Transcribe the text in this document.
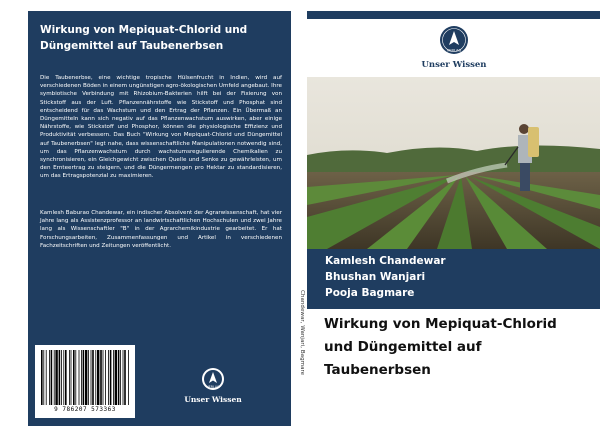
Wirkung von Mepiquat-Chlorid und
Düngemittel auf Taubenerbsen
Die Taubenerbse, eine wichtige tropische Hülsenfrucht in Indien, wird auf verschiedenen Böden in einem ungünstigen agro-ökologischen Umfeld angebaut. Ihre symbiotische Verbindung mit Rhizobium-Bakterien hilft bei der Fixierung von Stickstoff aus der Luft. Pflanzennährstoffe wie Stickstoff und Phosphat sind entscheidend für das Wachstum und den Ertrag der Pflanzen. Ein Übermaß an Düngemitteln kann sich negativ auf das Pflanzenwachstum auswirken, aber einige Nährstoffe, wie Stickstoff und Phosphor, können die physiologische Effizienz und Produktivität verbessern. Das Buch "Wirkung von Mepiquat-Chlorid und Düngemittel auf Taubenerbsen" legt nahe, dass wissenschaftliche Manipulationen notwendig sind, um das Pflanzenwachstum durch wachstumsregulierende Chemikalien zu synchronisieren, ein Gleichgewicht zwischen Quelle und Senke zu gewährleisten, um den Ernteertrag zu steigern, und die Düngermengen pro Hektar zu standardisieren, um das Ertragspotenzial zu maximieren.
Kamlesh Baburao Chandewar, ein indischer Absolvent der Agrarwissenschaft, hat vier Jahre lang als Assistenzprofessor an landwirtschaftlichen Hochschulen und zwei Jahre lang als Wissenschaftler "B" in der Agrarchemikindustrie gearbeitet. Er hat Forschungsarbeiten, Zusammenfassungen und Artikel in verschiedenen Fachzeitschriften und Zeitungen veröffentlicht.
9 786207 573363
VERLAG
Unser Wissen
Chandewar, Wanjari, Bagmare
VERLAG
Unser Wissen
Kamlesh Chandewar
Bhushan Wanjari
Pooja Bagmare
Wirkung von Mepiquat-Chlorid
und Düngemittel auf
Taubenerbsen
